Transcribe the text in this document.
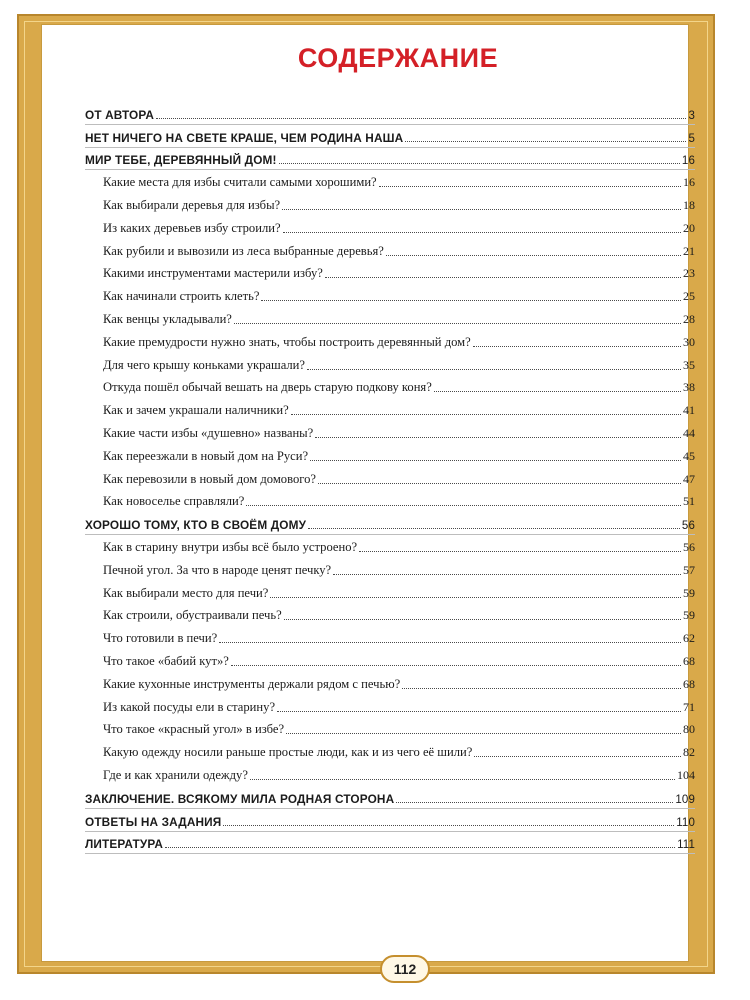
СОДЕРЖАНИЕ
ОТ АВТОРА	3
НЕТ НИЧЕГО НА СВЕТЕ КРАШЕ, ЧЕМ РОДИНА НАША	5
МИР ТЕБЕ, ДЕРЕВЯННЫЙ ДОМ!	16
Какие места для избы считали самыми хорошими?	16
Как выбирали деревья для избы?	18
Из каких деревьев избу строили?	20
Как рубили и вывозили из леса выбранные деревья?	21
Какими инструментами мастерили избу?	23
Как начинали строить клеть?	25
Как венцы укладывали?	28
Какие премудрости нужно знать, чтобы построить деревянный дом?	30
Для чего крышу коньками украшали?	35
Откуда пошёл обычай вешать на дверь старую подкову коня?	38
Как и зачем украшали наличники?	41
Какие части избы «душевно» названы?	44
Как переезжали в новый дом на Руси?	45
Как перевозили в новый дом домового?	47
Как новоселье справляли?	51
ХОРОШО ТОМУ, КТО В СВОЁМ ДОМУ	56
Как в старину внутри избы всё было устроено?	56
Печной угол. За что в народе ценят печку?	57
Как выбирали место для печи?	59
Как строили, обустраивали печь?	59
Что готовили в печи?	62
Что такое «бабий кут»?	68
Какие кухонные инструменты держали рядом с печью?	68
Из какой посуды ели в старину?	71
Что такое «красный угол» в избе?	80
Какую одежду носили раньше простые люди, как и из чего её шили?	82
Где и как хранили одежду?	104
ЗАКЛЮЧЕНИЕ. ВСЯКОМУ МИЛА РОДНАЯ СТОРОНА	109
ОТВЕТЫ НА ЗАДАНИЯ	110
ЛИТЕРАТУРА	111
112
